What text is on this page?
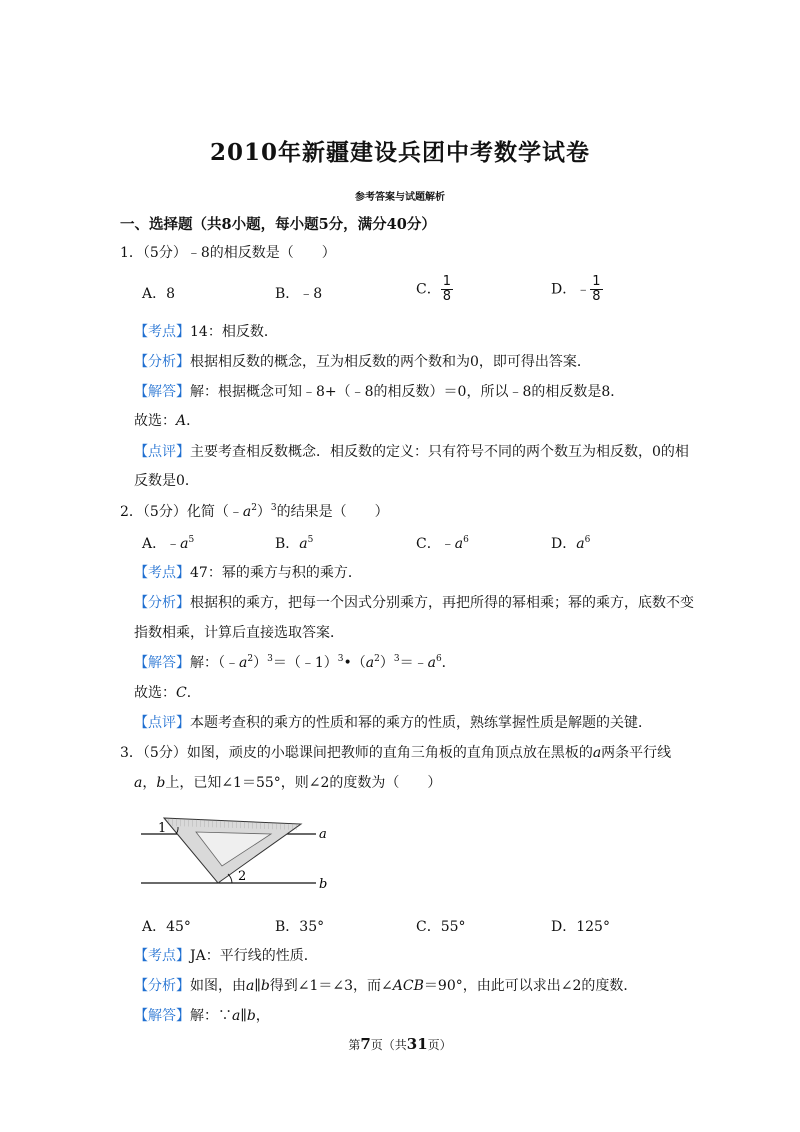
2010年新疆建设兵团中考数学试卷
参考答案与试题解析
一、选择题（共8小题，每小题5分，满分40分）
1．（5分）﹣8的相反数是（　　）
A．8	B．﹣8	C． $\frac{1}{8}$	D．﹣ $\frac{1}{8}$
【考点】14：相反数．
【分析】根据相反数的概念，互为相反数的两个数和为0，即可得出答案．
【解答】解：根据概念可知﹣8+（﹣8的相反数）＝0，所以﹣8的相反数是8．
故选：A．
【点评】主要考查相反数概念．相反数的定义：只有符号不同的两个数互为相反数，0的相
反数是0．
2．（5分）化简$(﹣a^2)^3$的结果是（　　）
A．$﹣a^5$	B．$a^5$	C．$﹣a^6$	D．$a^6$
【考点】47：幂的乘方与积的乘方．
【分析】根据积的乘方，把每一个因式分别乘方，再把所得的幂相乘；幂的乘方，底数不变
指数相乘，计算后直接选取答案．
【解答】解：$(﹣a^2)^3=(﹣1)^3•(a^2)^3=﹣a^6$．
故选：C．
【点评】本题考查积的乘方的性质和幂的乘方的性质，熟练掌握性质是解题的关键．
3．（5分）如图，顽皮的小聪课间把教师的直角三角板的直角顶点放在黑板的a两条平行线
a，b上，已知∠1＝55°，则∠2的度数为（　　）
1
2
a
b
A．45°	B．35°	C．55°	D．125°
【考点】JA：平行线的性质．
【分析】如图，由a∥b得到∠1＝∠3，而∠ACB＝90°，由此可以求出∠2的度数．
【解答】解：∵a∥b，
第7页（共31页）
